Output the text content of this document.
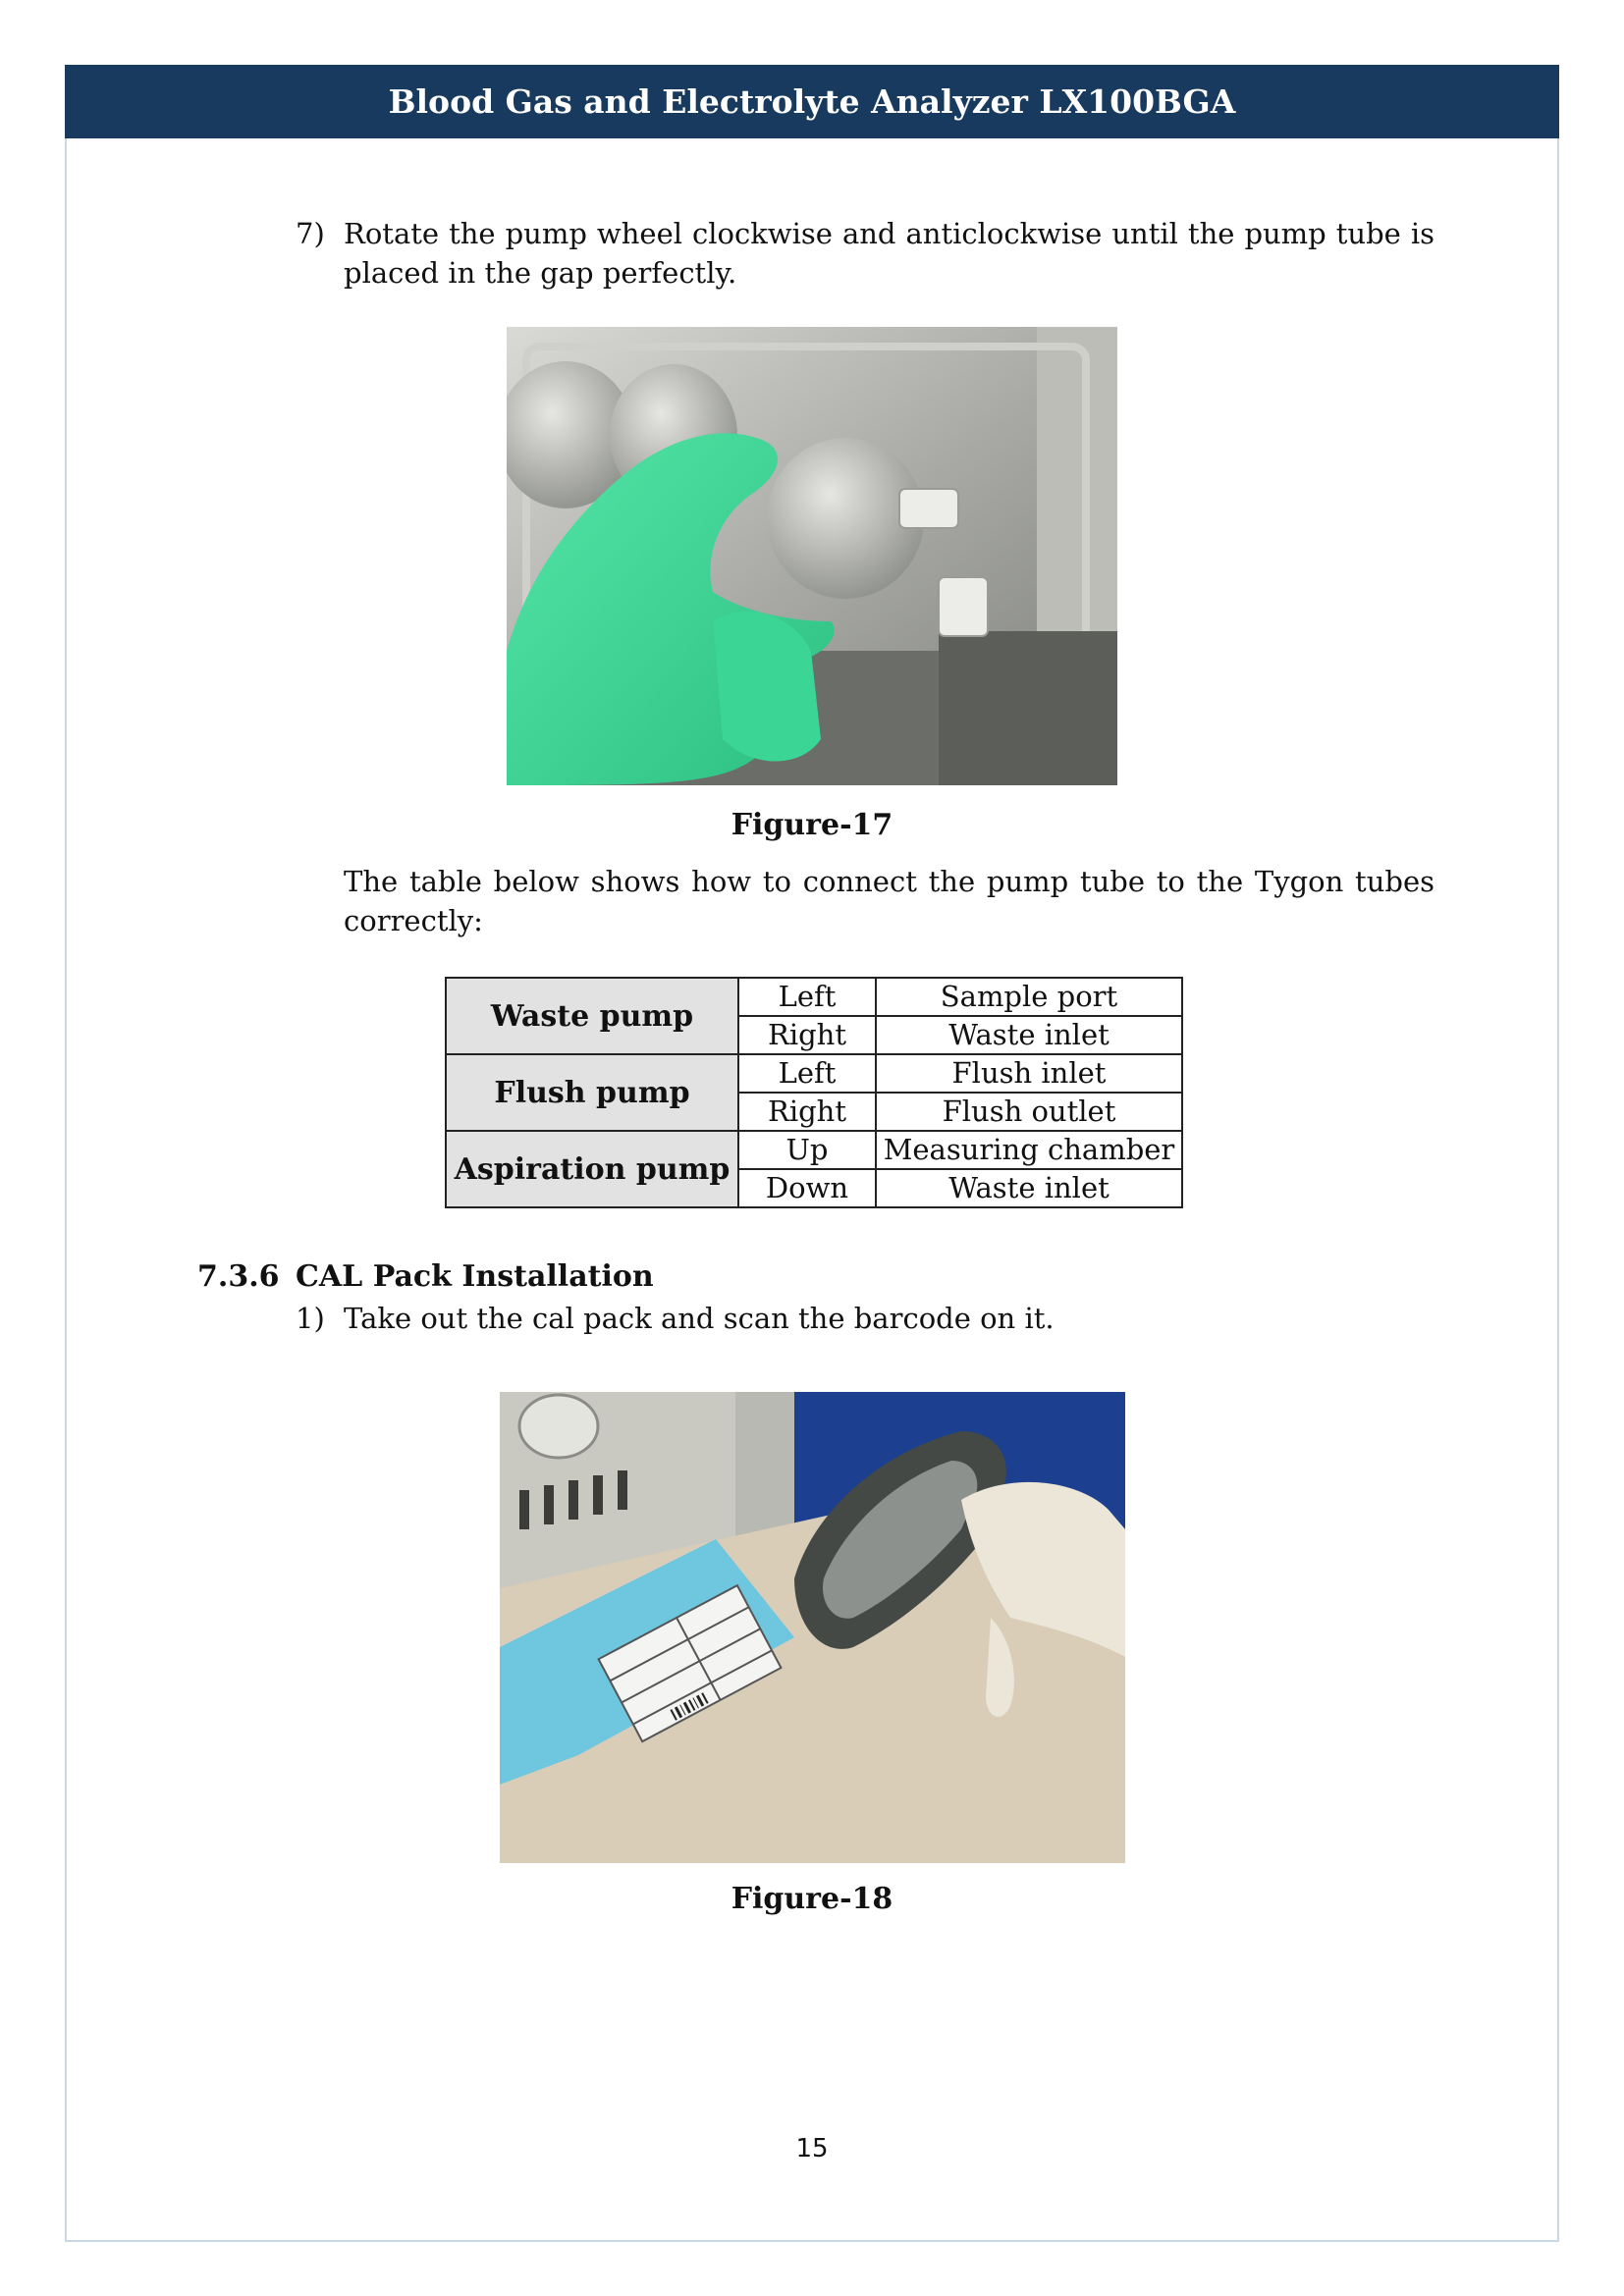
Blood Gas and Electrolyte Analyzer LX100BGA
7) Rotate the pump wheel clockwise and anticlockwise until the pump tube is placed in the gap perfectly.
Figure-17
The table below shows how to connect the pump tube to the Tygon tubes correctly:
Waste pump	Left	Sample port
	Right	Waste inlet
Flush pump	Left	Flush inlet
	Right	Flush outlet
Aspiration pump	Up	Measuring chamber
	Down	Waste inlet
7.3.6 CAL Pack Installation
1) Take out the cal pack and scan the barcode on it.
Figure-18
15
